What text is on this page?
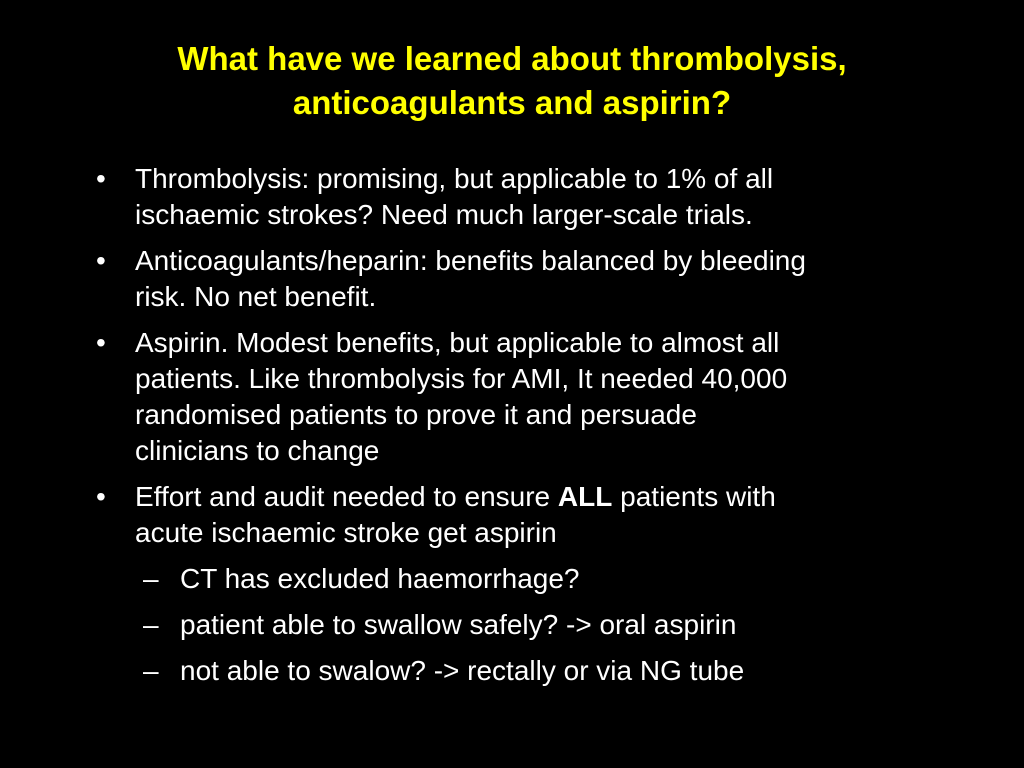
What have we learned about thrombolysis,
anticoagulants and aspirin?
•	Thrombolysis: promising, but applicable to 1% of all
ischaemic strokes? Need much larger-scale trials.
•	Anticoagulants/heparin: benefits balanced by bleeding
risk. No net benefit.
•	Aspirin. Modest benefits, but applicable to almost all
patients. Like thrombolysis for AMI, It needed 40,000
randomised patients to prove it and persuade
clinicians to change
•	Effort and audit needed to ensure ALL patients with
acute ischaemic stroke get aspirin
– CT has excluded haemorrhage?
– patient able to swallow safely? -> oral aspirin
– not able to swalow? -> rectally or via NG tube
